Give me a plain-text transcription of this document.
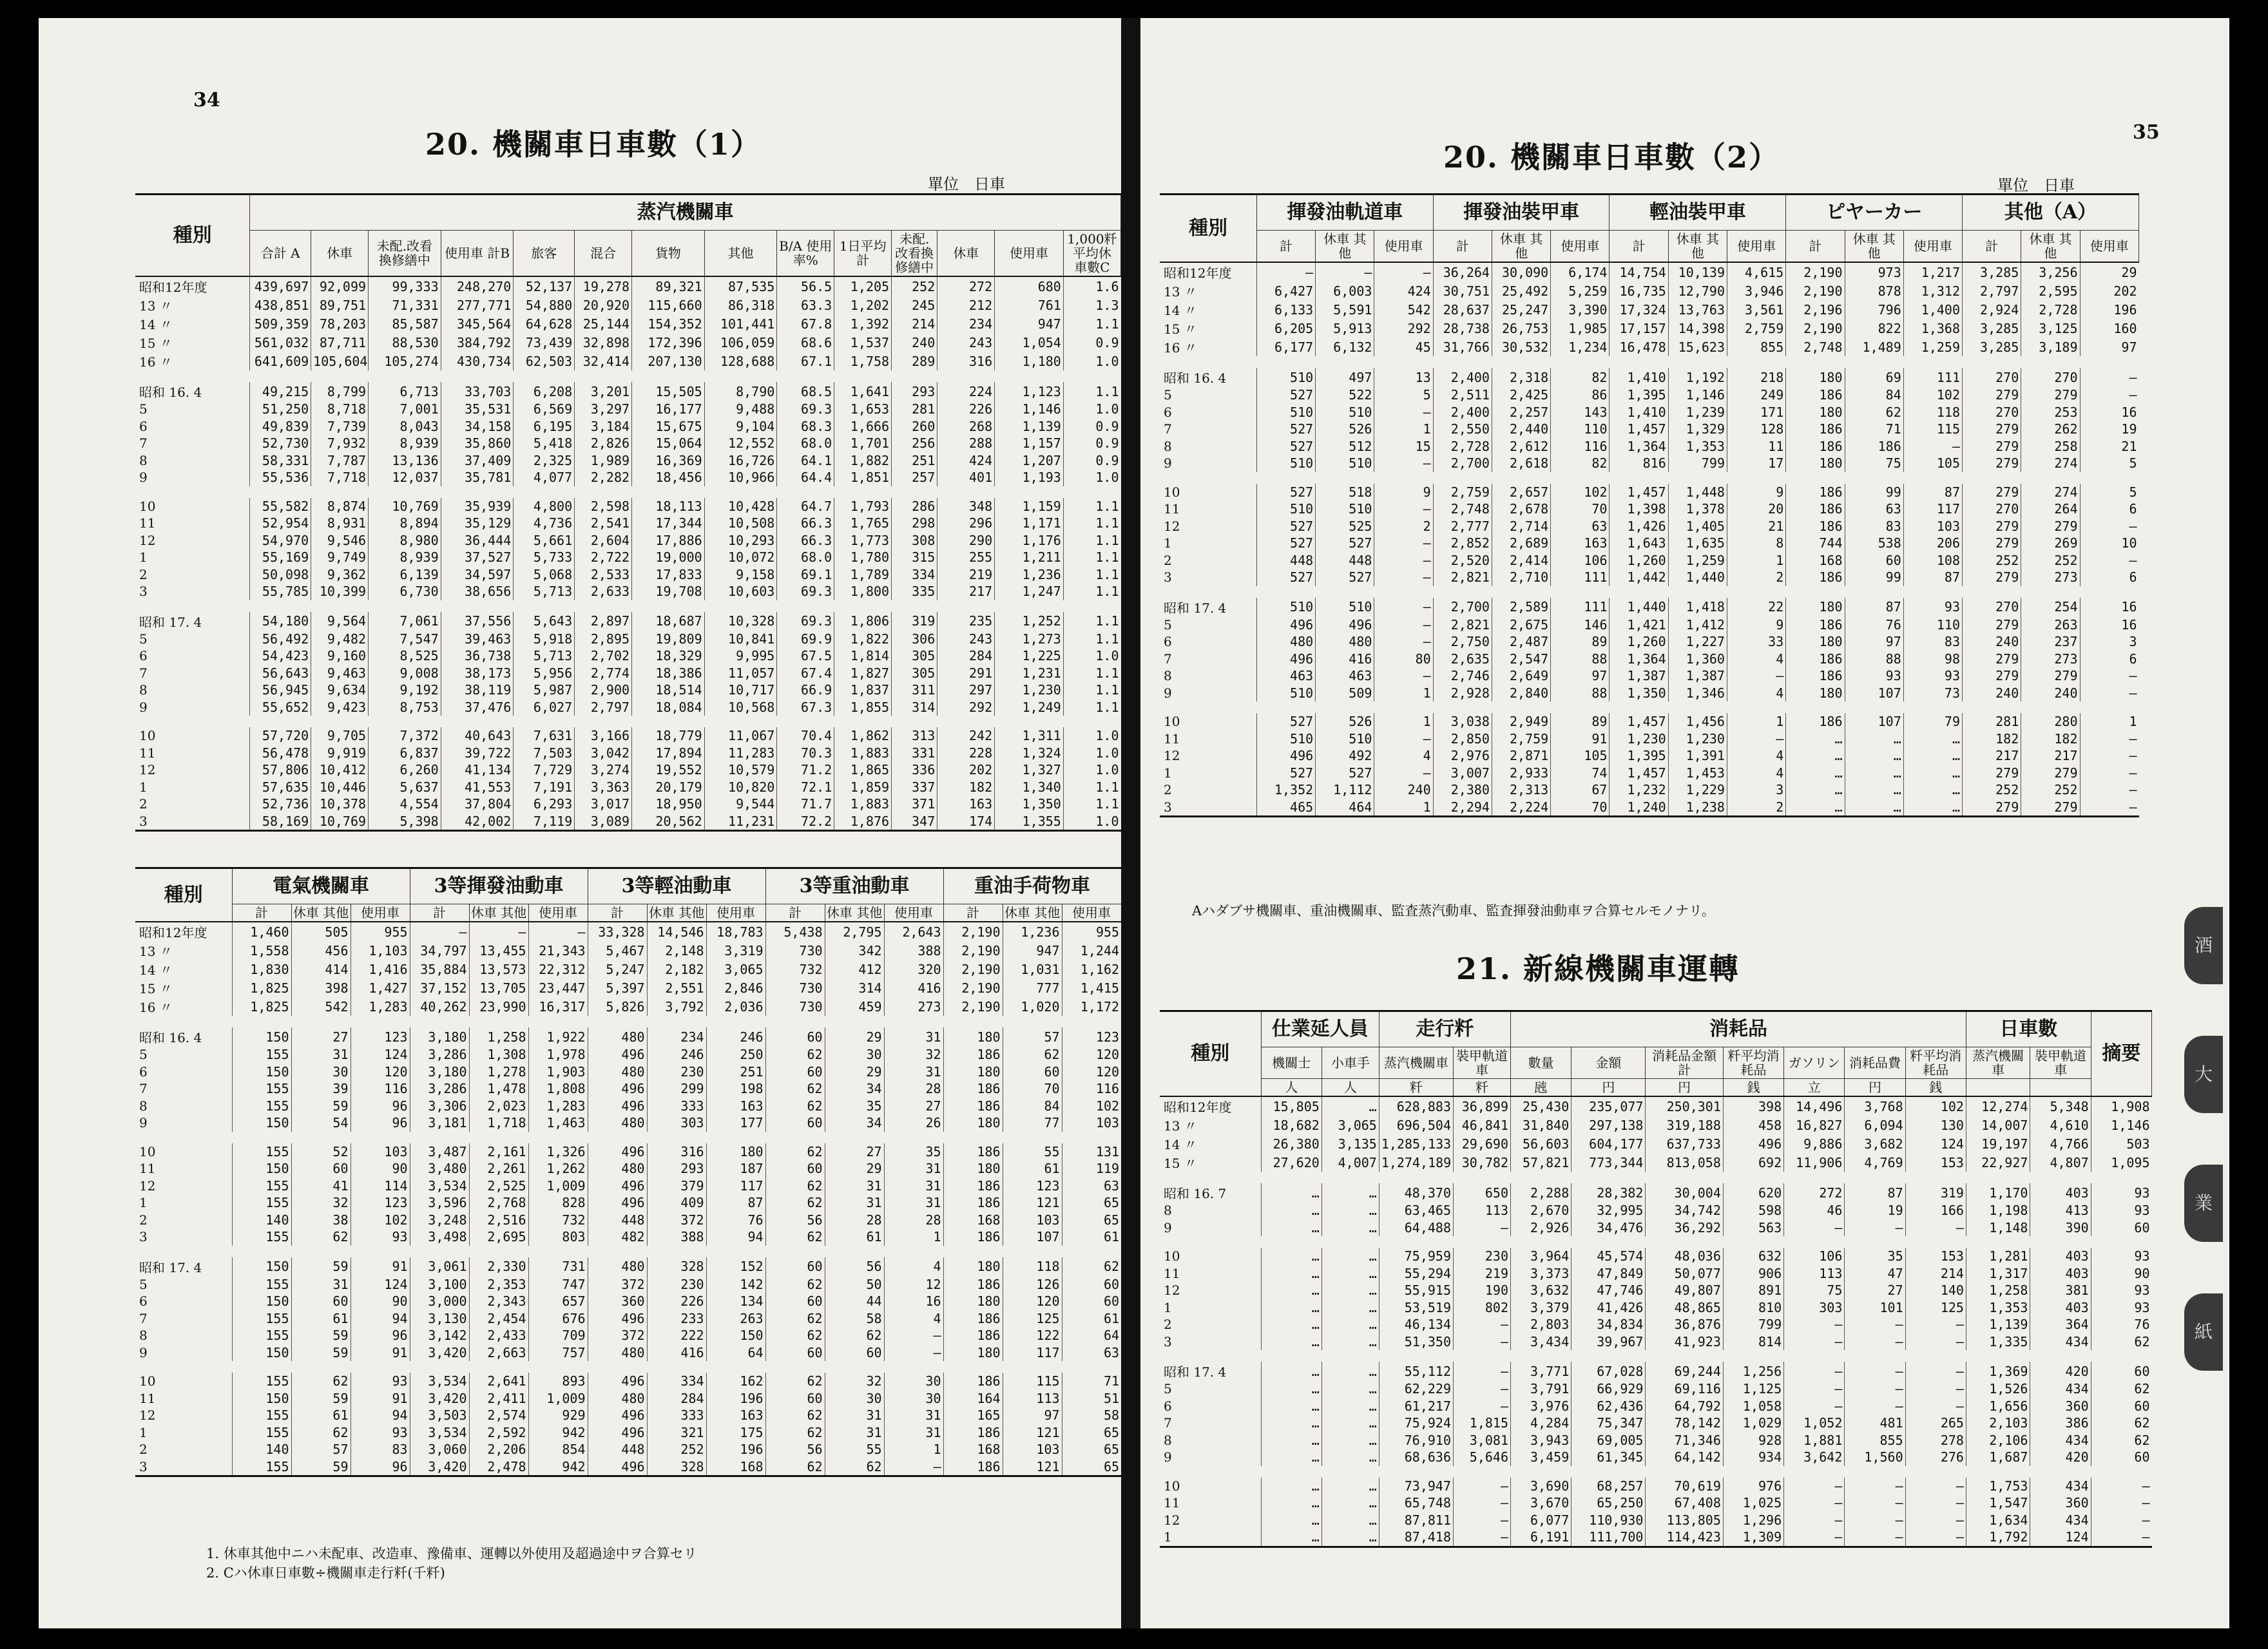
34
20. 機關車日車數（1）
單位　日車
種別	蒸汽機關車													
	合計 A	休車	未配.改看 換修繕中	使用車 計B	旅客	混合	貨物	其他	B/A 使用率%	1日平均 計	未配.改看換修繕中	休車	使用車	1,000粁 平均休 車數C
昭和12年度	439,697	92,099	99,333	248,270	52,137	19,278	89,321	87,535	56.5	1,205	252	272	680	1.6
13 〃	438,851	89,751	71,331	277,771	54,880	20,920	115,660	86,318	63.3	1,202	245	212	761	1.3
14 〃	509,359	78,203	85,587	345,564	64,628	25,144	154,352	101,441	67.8	1,392	214	234	947	1.1
15 〃	561,032	87,711	88,530	384,792	73,439	32,898	172,396	106,059	68.6	1,537	240	243	1,054	0.9
16 〃	641,609	105,604	105,274	430,734	62,503	32,414	207,130	128,688	67.1	1,758	289	316	1,180	1.0

昭和 16. 4	49,215	8,799	6,713	33,703	6,208	3,201	15,505	8,790	68.5	1,641	293	224	1,123	1.1
5	51,250	8,718	7,001	35,531	6,569	3,297	16,177	9,488	69.3	1,653	281	226	1,146	1.0
6	49,839	7,739	8,043	34,158	6,195	3,184	15,675	9,104	68.3	1,666	260	268	1,139	0.9
7	52,730	7,932	8,939	35,860	5,418	2,826	15,064	12,552	68.0	1,701	256	288	1,157	0.9
8	58,331	7,787	13,136	37,409	2,325	1,989	16,369	16,726	64.1	1,882	251	424	1,207	0.9
9	55,536	7,718	12,037	35,781	4,077	2,282	18,456	10,966	64.4	1,851	257	401	1,193	1.0

10	55,582	8,874	10,769	35,939	4,800	2,598	18,113	10,428	64.7	1,793	286	348	1,159	1.1
11	52,954	8,931	8,894	35,129	4,736	2,541	17,344	10,508	66.3	1,765	298	296	1,171	1.1
12	54,970	9,546	8,980	36,444	5,661	2,604	17,886	10,293	66.3	1,773	308	290	1,176	1.1
1	55,169	9,749	8,939	37,527	5,733	2,722	19,000	10,072	68.0	1,780	315	255	1,211	1.1
2	50,098	9,362	6,139	34,597	5,068	2,533	17,833	9,158	69.1	1,789	334	219	1,236	1.1
3	55,785	10,399	6,730	38,656	5,713	2,633	19,708	10,603	69.3	1,800	335	217	1,247	1.1

昭和 17. 4	54,180	9,564	7,061	37,556	5,643	2,897	18,687	10,328	69.3	1,806	319	235	1,252	1.1
5	56,492	9,482	7,547	39,463	5,918	2,895	19,809	10,841	69.9	1,822	306	243	1,273	1.1
6	54,423	9,160	8,525	36,738	5,713	2,702	18,329	9,995	67.5	1,814	305	284	1,225	1.0
7	56,643	9,463	9,008	38,173	5,956	2,774	18,386	11,057	67.4	1,827	305	291	1,231	1.1
8	56,945	9,634	9,192	38,119	5,987	2,900	18,514	10,717	66.9	1,837	311	297	1,230	1.1
9	55,652	9,423	8,753	37,476	6,027	2,797	18,084	10,568	67.3	1,855	314	292	1,249	1.1

10	57,720	9,705	7,372	40,643	7,631	3,166	18,779	11,067	70.4	1,862	313	242	1,311	1.0
11	56,478	9,919	6,837	39,722	7,503	3,042	17,894	11,283	70.3	1,883	331	228	1,324	1.0
12	57,806	10,412	6,260	41,134	7,729	3,274	19,552	10,579	71.2	1,865	336	202	1,327	1.0
1	57,635	10,446	5,637	41,553	7,191	3,363	20,179	10,820	72.1	1,859	337	182	1,340	1.1
2	52,736	10,378	4,554	37,804	6,293	3,017	18,950	9,544	71.7	1,883	371	163	1,350	1.1
3	58,169	10,769	5,398	42,002	7,119	3,089	20,562	11,231	72.2	1,876	347	174	1,355	1.0
種別	電氣機關車			3等揮發油動車			3等輕油動車			3等重油動車			重油手荷物車		
	計	休車 其他	使用車	計	休車 其他	使用車	計	休車 其他	使用車	計	休車 其他	使用車	計	休車 其他	使用車
昭和12年度	1,460	505	955	—	—	—	33,328	14,546	18,783	5,438	2,795	2,643	2,190	1,236	955
13 〃	1,558	456	1,103	34,797	13,455	21,343	5,467	2,148	3,319	730	342	388	2,190	947	1,244
14 〃	1,830	414	1,416	35,884	13,573	22,312	5,247	2,182	3,065	732	412	320	2,190	1,031	1,162
15 〃	1,825	398	1,427	37,152	13,705	23,447	5,397	2,551	2,846	730	314	416	2,190	777	1,415
16 〃	1,825	542	1,283	40,262	23,990	16,317	5,826	3,792	2,036	730	459	273	2,190	1,020	1,172

昭和 16. 4	150	27	123	3,180	1,258	1,922	480	234	246	60	29	31	180	57	123
5	155	31	124	3,286	1,308	1,978	496	246	250	62	30	32	186	62	120
6	150	30	120	3,180	1,278	1,903	480	230	251	60	29	31	180	60	120
7	155	39	116	3,286	1,478	1,808	496	299	198	62	34	28	186	70	116
8	155	59	96	3,306	2,023	1,283	496	333	163	62	35	27	186	84	102
9	150	54	96	3,181	1,718	1,463	480	303	177	60	34	26	180	77	103

10	155	52	103	3,487	2,161	1,326	496	316	180	62	27	35	186	55	131
11	150	60	90	3,480	2,261	1,262	480	293	187	60	29	31	180	61	119
12	155	41	114	3,534	2,525	1,009	496	379	117	62	31	31	186	123	63
1	155	32	123	3,596	2,768	828	496	409	87	62	31	31	186	121	65
2	140	38	102	3,248	2,516	732	448	372	76	56	28	28	168	103	65
3	155	62	93	3,498	2,695	803	482	388	94	62	61	1	186	107	61

昭和 17. 4	150	59	91	3,061	2,330	731	480	328	152	60	56	4	180	118	62
5	155	31	124	3,100	2,353	747	372	230	142	62	50	12	186	126	60
6	150	60	90	3,000	2,343	657	360	226	134	60	44	16	180	120	60
7	155	61	94	3,130	2,454	676	496	233	263	62	58	4	186	125	61
8	155	59	96	3,142	2,433	709	372	222	150	62	62	—	186	122	64
9	150	59	91	3,420	2,663	757	480	416	64	60	60	—	180	117	63

10	155	62	93	3,534	2,641	893	496	334	162	62	32	30	186	115	71
11	150	59	91	3,420	2,411	1,009	480	284	196	60	30	30	164	113	51
12	155	61	94	3,503	2,574	929	496	333	163	62	31	31	165	97	58
1	155	62	93	3,534	2,592	942	496	321	175	62	31	31	186	121	65
2	140	57	83	3,060	2,206	854	448	252	196	56	55	1	168	103	65
3	155	59	96	3,420	2,478	942	496	328	168	62	62	—	186	121	65
1. 休車其他中ニハ未配車、改造車、豫備車、運轉以外使用及超過途中ヲ合算セリ
2. Cハ休車日車數÷機關車走行粁(千粁)
35
20. 機關車日車數（2）
單位　日車
種別	揮發油軌道車			揮發油裝甲車			輕油裝甲車			ピヤーカー			其他（A）		
	計	休車 其他	使用車	計	休車 其他	使用車	計	休車 其他	使用車	計	休車 其他	使用車	計	休車 其他	使用車
昭和12年度	—	—	—	36,264	30,090	6,174	14,754	10,139	4,615	2,190	973	1,217	3,285	3,256	29
13 〃	6,427	6,003	424	30,751	25,492	5,259	16,735	12,790	3,946	2,190	878	1,312	2,797	2,595	202
14 〃	6,133	5,591	542	28,637	25,247	3,390	17,324	13,763	3,561	2,196	796	1,400	2,924	2,728	196
15 〃	6,205	5,913	292	28,738	26,753	1,985	17,157	14,398	2,759	2,190	822	1,368	3,285	3,125	160
16 〃	6,177	6,132	45	31,766	30,532	1,234	16,478	15,623	855	2,748	1,489	1,259	3,285	3,189	97

昭和 16. 4	510	497	13	2,400	2,318	82	1,410	1,192	218	180	69	111	270	270	—
5	527	522	5	2,511	2,425	86	1,395	1,146	249	186	84	102	279	279	—
6	510	510	—	2,400	2,257	143	1,410	1,239	171	180	62	118	270	253	16
7	527	526	1	2,550	2,440	110	1,457	1,329	128	186	71	115	279	262	19
8	527	512	15	2,728	2,612	116	1,364	1,353	11	186	186	—	279	258	21
9	510	510	—	2,700	2,618	82	816	799	17	180	75	105	279	274	5

10	527	518	9	2,759	2,657	102	1,457	1,448	9	186	99	87	279	274	5
11	510	510	—	2,748	2,678	70	1,398	1,378	20	186	63	117	270	264	6
12	527	525	2	2,777	2,714	63	1,426	1,405	21	186	83	103	279	279	—
1	527	527	—	2,852	2,689	163	1,643	1,635	8	744	538	206	279	269	10
2	448	448	—	2,520	2,414	106	1,260	1,259	1	168	60	108	252	252	—
3	527	527	—	2,821	2,710	111	1,442	1,440	2	186	99	87	279	273	6

昭和 17. 4	510	510	—	2,700	2,589	111	1,440	1,418	22	180	87	93	270	254	16
5	496	496	—	2,821	2,675	146	1,421	1,412	9	186	76	110	279	263	16
6	480	480	—	2,750	2,487	89	1,260	1,227	33	180	97	83	240	237	3
7	496	416	80	2,635	2,547	88	1,364	1,360	4	186	88	98	279	273	6
8	463	463	—	2,746	2,649	97	1,387	1,387	—	186	93	93	279	279	—
9	510	509	1	2,928	2,840	88	1,350	1,346	4	180	107	73	240	240	—

10	527	526	1	3,038	2,949	89	1,457	1,456	1	186	107	79	281	280	1
11	510	510	—	2,850	2,759	91	1,230	1,230	—	…	…	…	182	182	—
12	496	492	4	2,976	2,871	105	1,395	1,391	4	…	…	…	217	217	—
1	527	527	—	3,007	2,933	74	1,457	1,453	4	…	…	…	279	279	—
2	1,352	1,112	240	2,380	2,313	67	1,232	1,229	3	…	…	…	252	252	—
3	465	464	1	2,294	2,224	70	1,240	1,238	2	…	…	…	279	279	—
Aハダブサ機關車、重油機關車、監査蒸汽動車、監査揮發油動車ヲ合算セルモノナリ。
21. 新線機關車運轉
種別	仕業延人員		走行粁		消耗品							日車數		摘要
	機關士	小車手	蒸汽機關車	裝甲軌道車	數量	金額	消耗品金額計	粁平均消耗品	ガソリン	消耗品費	粁平均消耗品	蒸汽機關車	裝甲軌道車	
	人	人	粁	粁	瓲	円	円	銭	立	円	銭			
昭和12年度	15,805	…	628,883	36,899	25,430	235,077	250,301	398	14,496	3,768	102	12,274	5,348	1,908
13 〃	18,682	3,065	696,504	46,841	31,840	297,138	319,188	458	16,827	6,094	130	14,007	4,610	1,146
14 〃	26,380	3,135	1,285,133	29,690	56,603	604,177	637,733	496	9,886	3,682	124	19,197	4,766	503
15 〃	27,620	4,007	1,274,189	30,782	57,821	773,344	813,058	692	11,906	4,769	153	22,927	4,807	1,095

昭和 16. 7	…	…	48,370	650	2,288	28,382	30,004	620	272	87	319	1,170	403	93
8	…	…	63,465	113	2,670	32,995	34,742	598	46	19	166	1,198	413	93
9	…	…	64,488	—	2,926	34,476	36,292	563	—	—	—	1,148	390	60

10	…	…	75,959	230	3,964	45,574	48,036	632	106	35	153	1,281	403	93
11	…	…	55,294	219	3,373	47,849	50,077	906	113	47	214	1,317	403	90
12	…	…	55,915	190	3,632	47,746	49,807	891	75	27	140	1,258	381	93
1	…	…	53,519	802	3,379	41,426	48,865	810	303	101	125	1,353	403	93
2	…	…	46,134	—	2,803	34,834	36,876	799	—	—	—	1,139	364	76
3	…	…	51,350	—	3,434	39,967	41,923	814	—	—	—	1,335	434	62

昭和 17. 4	…	…	55,112	—	3,771	67,028	69,244	1,256	—	—	—	1,369	420	60
5	…	…	62,229	—	3,791	66,929	69,116	1,125	—	—	—	1,526	434	62
6	…	…	61,217	—	3,976	62,436	64,792	1,058	—	—	—	1,656	360	60
7	…	…	75,924	1,815	4,284	75,347	78,142	1,029	1,052	481	265	2,103	386	62
8	…	…	76,910	3,081	3,943	69,005	71,346	928	1,881	855	278	2,106	434	62
9	…	…	68,636	5,646	3,459	61,345	64,142	934	3,642	1,560	276	1,687	420	60

10	…	…	73,947	—	3,690	68,257	70,619	976	—	—	—	1,753	434	—
11	…	…	65,748	—	3,670	65,250	67,408	1,025	—	—	—	1,547	360	—
12	…	…	87,811	—	6,077	110,930	113,805	1,296	—	—	—	1,634	434	—
1	…	…	87,418	—	6,191	111,700	114,423	1,309	—	—	—	1,792	124	—
酒
大
業
紙
